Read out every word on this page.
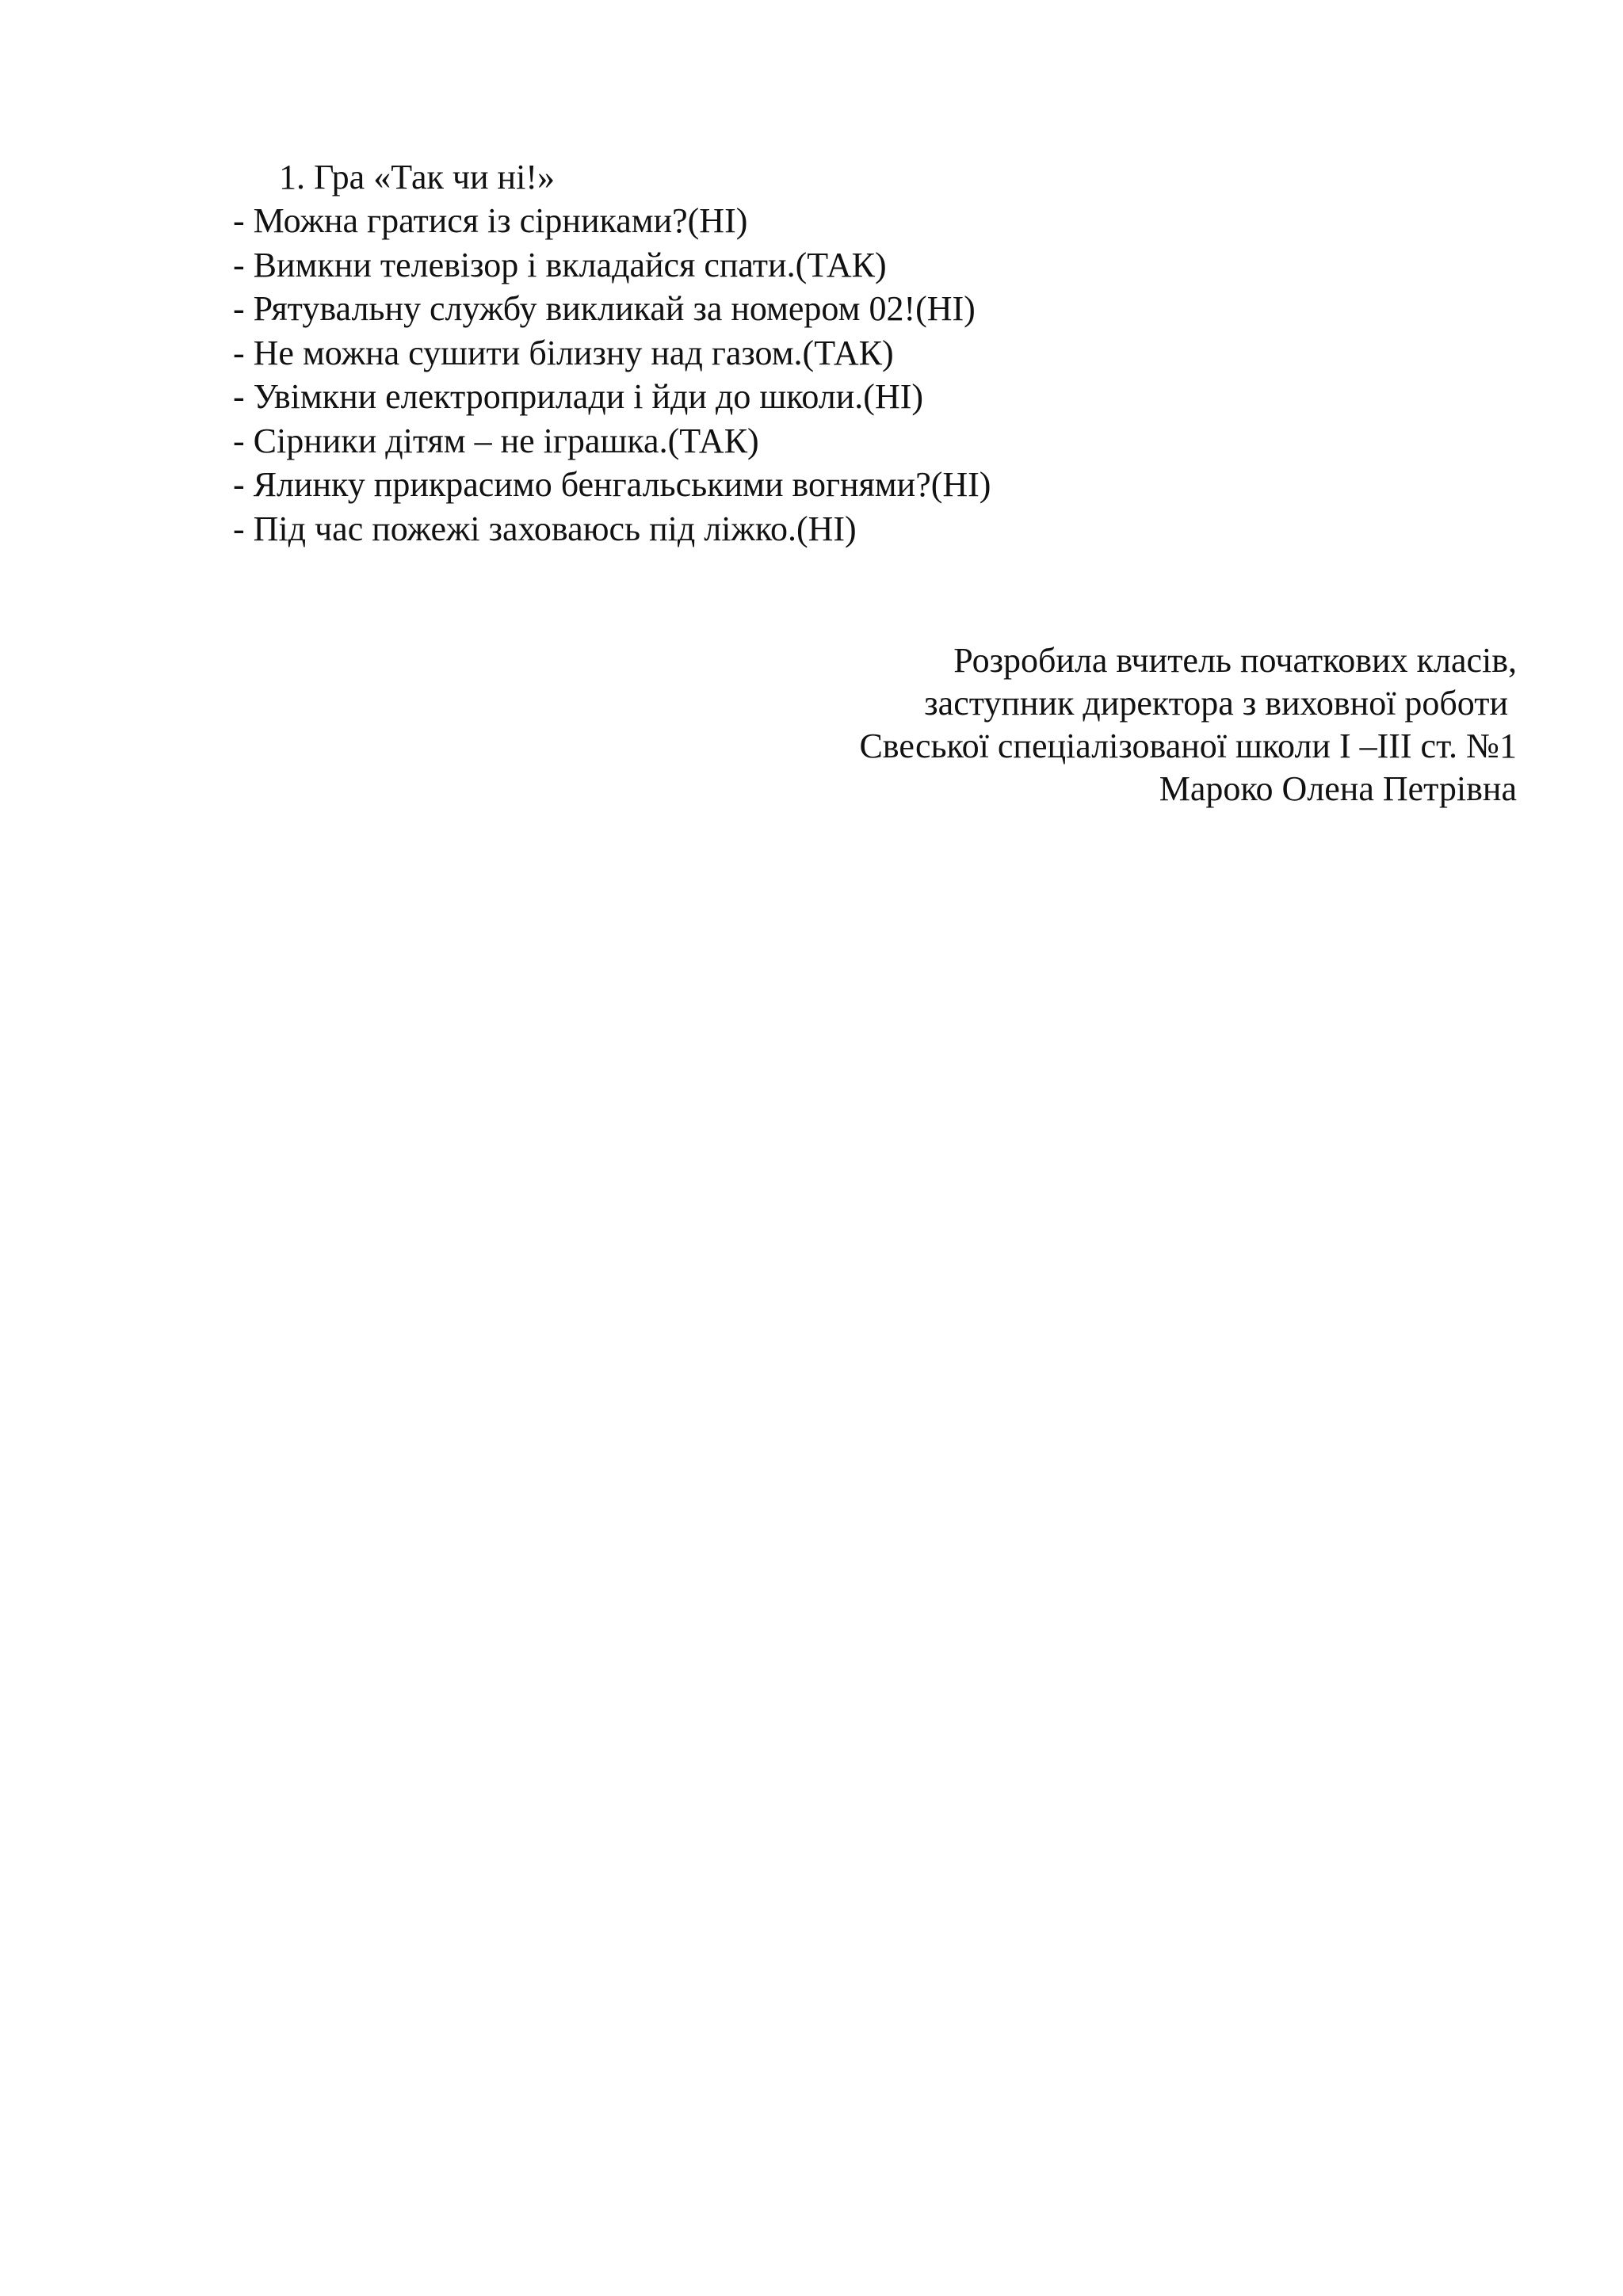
1. Гра «Так чи ні!»
- Можна гратися із сірниками?(НІ)
- Вимкни телевізор і вкладайся спати.(ТАК)
- Рятувальну службу викликай за номером 02!(НІ)
- Не можна сушити білизну над газом.(ТАК)
- Увімкни електроприлади і йди до школи.(НІ)
- Сірники дітям – не іграшка.(ТАК)
- Ялинку прикрасимо бенгальськими вогнями?(НІ)
- Під час пожежі заховаюсь під ліжко.(НІ)
Розробила вчитель початкових класів,
заступник директора з виховної роботи
Свеської спеціалізованої школи І –ІІІ ст. №1
Мароко Олена Петрівна
